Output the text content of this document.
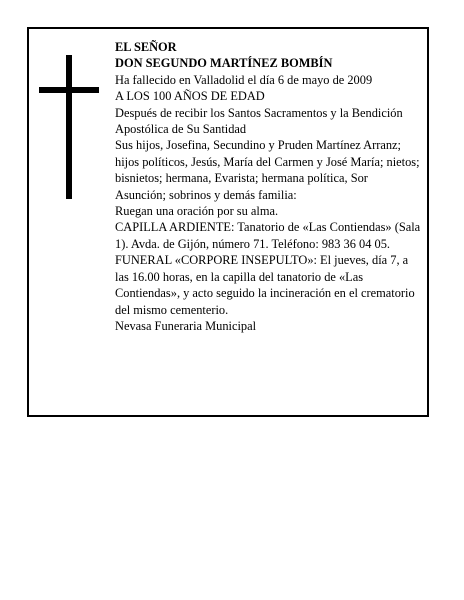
EL SEÑOR

DON SEGUNDO MARTÍNEZ BOMBÍN

Ha fallecido en Valladolid el día 6 de mayo de 2009

A LOS 100 AÑOS DE EDAD

Después de recibir los Santos Sacramentos y la Bendición Apostólica de Su Santidad

Sus hijos, Josefina, Secundino y Pruden Martínez Arranz; hijos políticos, Jesús, María del Carmen y José María; nietos; bisnietos; hermana, Evarista; hermana política, Sor Asunción; sobrinos y demás familia:

Ruegan una oración por su alma.

CAPILLA ARDIENTE: Tanatorio de «Las Contiendas» (Sala 1). Avda. de Gijón, número 71. Teléfono: 983 36 04 05.

FUNERAL «CORPORE INSEPULTO»: El jueves, día 7, a las 16.00 horas, en la capilla del tanatorio de «Las Contiendas», y acto seguido la incineración en el crematorio del mismo cementerio.

Nevasa Funeraria Municipal
